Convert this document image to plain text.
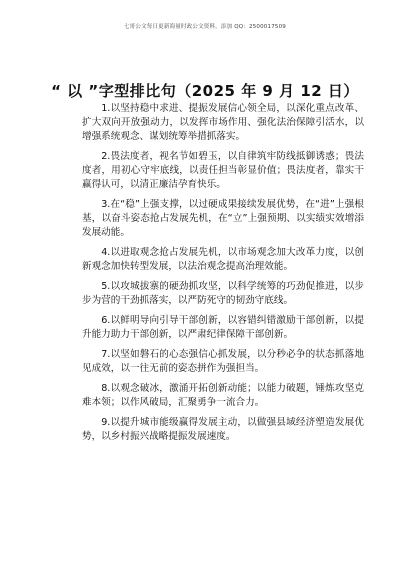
七哥公文每日更新海量时政公文资料，添加 QQ：2500017509
“ 以 ”字型排比句（2025 年 9 月 12 日）

1.以坚持稳中求进、提振发展信心领全局，以深化重点改革、扩大双向开放强动力，以发挥市场作用、强化法治保障引活水，以增强系统观念、谋划统筹举措抓落实。

2.畏法度者，视名节如碧玉，以自律筑牢防线抵御诱惑；畏法度者，用初心守牢底线，以责任担当彰显价值；畏法度者，靠实干赢得认可，以清正廉洁孕育快乐。

3.在“稳”上强支撑，以过硬成果接续发展优势，在“进”上强根基，以奋斗姿态抢占发展先机，在“立”上强预期、以实绩实效增添发展动能。

4.以进取观念抢占发展先机，以市场观念加大改革力度，以创新观念加快转型发展，以法治观念提高治理效能。

5.以攻城拔寨的硬劲抓攻坚，以科学统筹的巧劲促推进，以步步为营的干劲抓落实，以严防死守的韧劲守底线。

6.以鲜明导向引导干部创新，以容错纠错激励干部创新，以提升能力助力干部创新，以严肃纪律保障干部创新。

7.以坚如磐石的心态强信心抓发展，以分秒必争的状态抓落地见成效，以一往无前的姿态拼作为强担当。

8.以观念破冰，激涌开拓创新动能；以能力破题，锤炼攻坚克难本领；以作风破局，汇聚勇争一流合力。

9.以提升城市能级赢得发展主动，以做强县域经济塑造发展优势，以乡村振兴战略提振发展速度。
